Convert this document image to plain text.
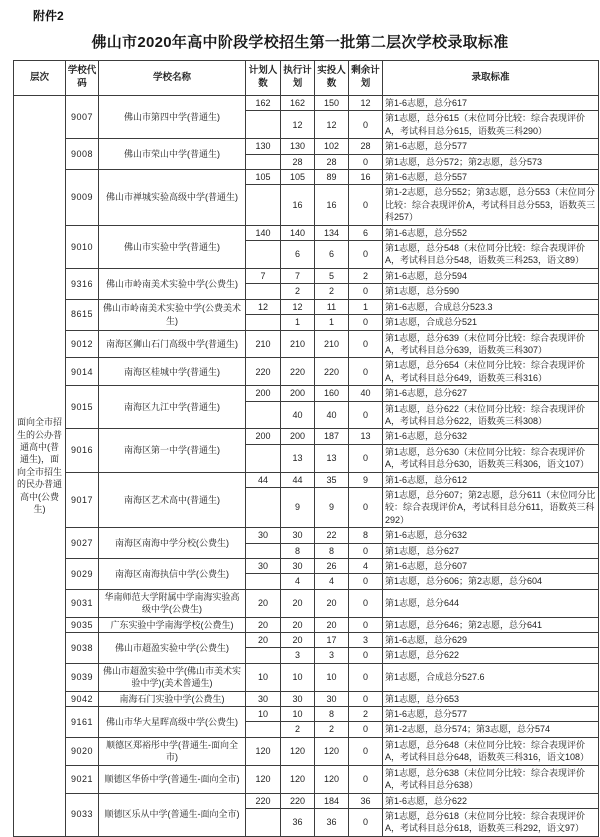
附件2
佛山市2020年高中阶段学校招生第一批第二层次学校录取标准
层次	学校代码	学校名称	计划人数	执行计划	实投人数	剩余计划	录取标准
面向全市招生的公办普通高中(普通生)，面向全市招生的民办普通高中(公费生)	9007	佛山市第四中学(普通生)	162	162	150	12	第1-6志愿，总分617
				12	12	0	第1志愿，总分615（末位同分比较：综合表现评价A，考试科目总分615，语数英三科290）
	9008	佛山市荣山中学(普通生)	130	130	102	28	第1-6志愿，总分577
				28	28	0	第1志愿，总分572；第2志愿，总分573
	9009	佛山市禅城实验高级中学(普通生)	105	105	89	16	第1-6志愿，总分557
				16	16	0	第1-2志愿，总分552；第3志愿，总分553（末位同分比较：综合表现评价A，考试科目总分553，语数英三科257）
	9010	佛山市实验中学(普通生)	140	140	134	6	第1-6志愿，总分552
				6	6	0	第1志愿，总分548（末位同分比较：综合表现评价A，考试科目总分548，语数英三科253，语文89）
	9316	佛山市岭南美术实验中学(公费生)	7	7	5	2	第1-6志愿，总分594
				2	2	0	第1志愿，总分590
	8615	佛山市岭南美术实验中学(公费美术生)	12	12	11	1	第1-6志愿，合成总分523.3
				1	1	0	第1志愿，合成总分521
	9012	南海区狮山石门高级中学(普通生)	210	210	210	0	第1志愿，总分639（末位同分比较：综合表现评价A，考试科目总分639，语数英三科307）
	9014	南海区桂城中学(普通生)	220	220	220	0	第1志愿，总分654（末位同分比较：综合表现评价A，考试科目总分649，语数英三科316）
	9015	南海区九江中学(普通生)	200	200	160	40	第1-6志愿，总分627
				40	40	0	第1志愿，总分622（末位同分比较：综合表现评价A，考试科目总分622，语数英三科308）
	9016	南海区第一中学(普通生)	200	200	187	13	第1-6志愿，总分632
				13	13	0	第1志愿，总分630（末位同分比较：综合表现评价A，考试科目总分630，语数英三科306，语文107）
	9017	南海区艺术高中(普通生)	44	44	35	9	第1-6志愿，总分612
				9	9	0	第1志愿，总分607；第2志愿，总分611（末位同分比较：综合表现评价A，考试科目总分611，语数英三科292）
	9027	南海区南海中学分校(公费生)	30	30	22	8	第1-6志愿，总分632
				8	8	0	第1志愿，总分627
	9029	南海区南海执信中学(公费生)	30	30	26	4	第1-6志愿，总分607
				4	4	0	第1志愿，总分606；第2志愿，总分604
	9031	华南师范大学附属中学南海实验高级中学(公费生)	20	20	20	0	第1志愿，总分644
	9035	广东实验中学南海学校(公费生)	20	20	20	0	第1志愿，总分646；第2志愿，总分641
	9038	佛山市超盈实验中学(公费生)	20	20	17	3	第1-6志愿，总分629
				3	3	0	第1志愿，总分622
	9039	佛山市超盈实验中学(佛山市美术实验中学)(美术普通生)	10	10	10	0	第1志愿，合成总分527.6
	9042	南海石门实验中学(公费生)	30	30	30	0	第1志愿，总分653
	9161	佛山市华大星晖高级中学(公费生)	10	10	8	2	第1-6志愿，总分577
				2	2	0	第1-2志愿，总分574；第3志愿，总分574
	9020	顺德区郑裕彤中学(普通生-面向全市)	120	120	120	0	第1志愿，总分648（末位同分比较：综合表现评价A，考试科目总分648，语数英三科316，语文108）
	9021	顺德区华侨中学(普通生-面向全市)	120	120	120	0	第1志愿，总分638（末位同分比较：综合表现评价A，考试科目总分638）
	9033	顺德区乐从中学(普通生-面向全市)	220	220	184	36	第1-6志愿，总分622
				36	36	0	第1志愿，总分618（末位同分比较：综合表现评价A，考试科目总分618，语数英三科292，语文97）
